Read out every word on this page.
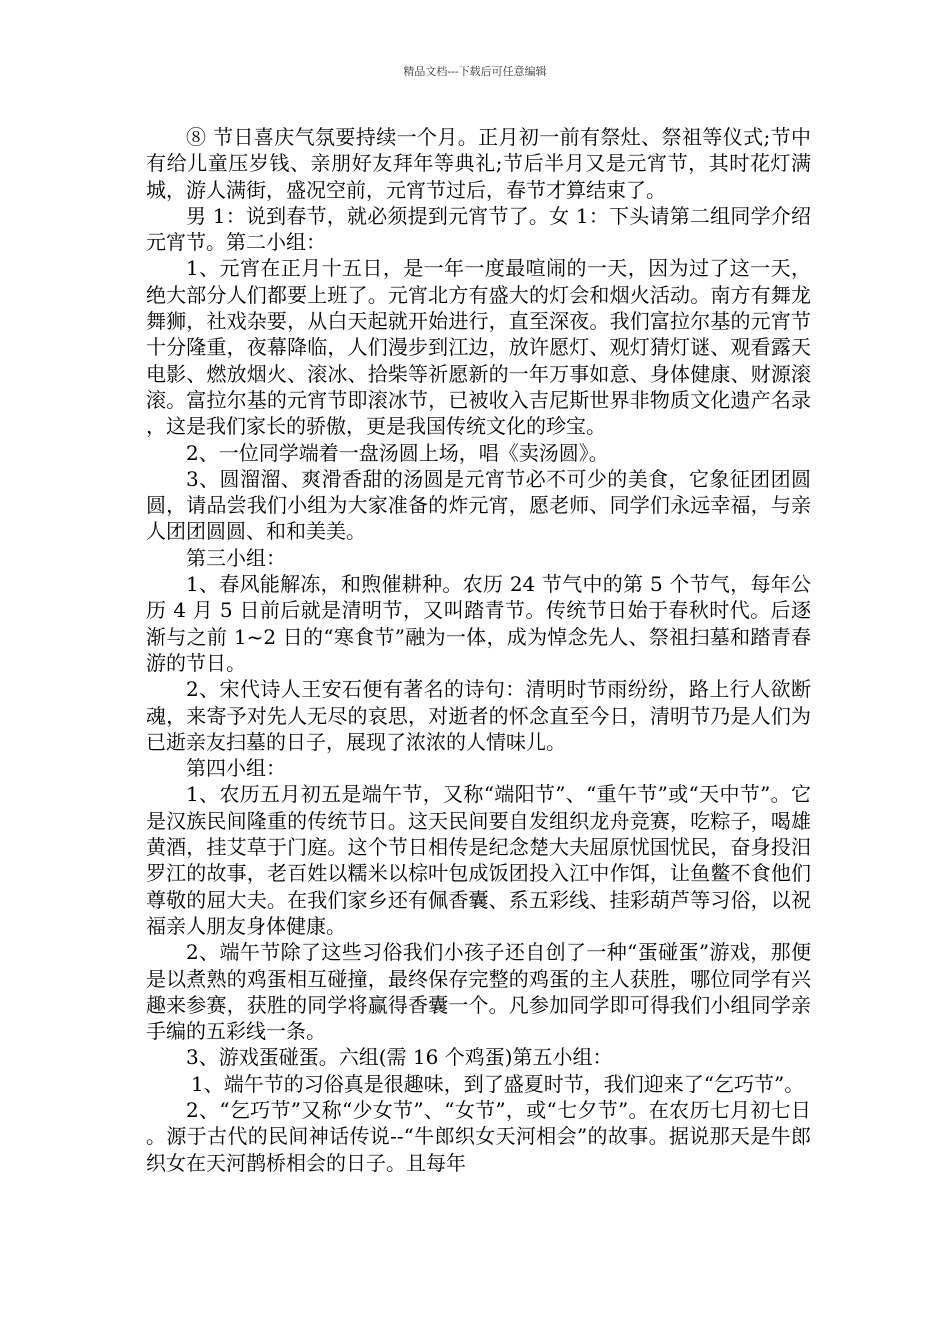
精品文档---下载后可任意编辑

⑧ 节日喜庆气氛要持续一个月。正月初一前有祭灶、祭祖等仪式;节中有给儿童压岁钱、亲朋好友拜年等典礼;节后半月又是元宵节，其时花灯满城，游人满街，盛况空前，元宵节过后，春节才算结束了。

男 1：说到春节，就必须提到元宵节了。女 1：下头请第二组同学介绍元宵节。第二小组：

1、元宵在正月十五日，是一年一度最喧闹的一天，因为过了这一天，绝大部分人们都要上班了。元宵北方有盛大的灯会和烟火活动。南方有舞龙舞狮，社戏杂要，从白天起就开始进行，直至深夜。我们富拉尔基的元宵节十分隆重，夜幕降临，人们漫步到江边，放许愿灯、观灯猜灯谜、观看露天电影、燃放烟火、滚冰、拾柴等祈愿新的一年万事如意、身体健康、财源滚滚。富拉尔基的元宵节即滚冰节，已被收入吉尼斯世界非物质文化遗产名录，这是我们家长的骄傲，更是我国传统文化的珍宝。

2、一位同学端着一盘汤圆上场，唱《卖汤圆》。

3、圆溜溜、爽滑香甜的汤圆是元宵节必不可少的美食，它象征团团圆圆，请品尝我们小组为大家准备的炸元宵，愿老师、同学们永远幸福，与亲人团团圆圆、和和美美。

第三小组：

1、春风能解冻，和煦催耕种。农历 24 节气中的第 5 个节气，每年公历 4 月 5 日前后就是清明节，又叫踏青节。传统节日始于春秋时代。后逐渐与之前 1~2 日的“寒食节”融为一体，成为悼念先人、祭祖扫墓和踏青春游的节日。

2、宋代诗人王安石便有著名的诗句：清明时节雨纷纷，路上行人欲断魂，来寄予对先人无尽的哀思，对逝者的怀念直至今日，清明节乃是人们为已逝亲友扫墓的日子，展现了浓浓的人情味儿。

第四小组：

1、农历五月初五是端午节，又称“端阳节”、“重午节”或“天中节”。它是汉族民间隆重的传统节日。这天民间要自发组织龙舟竞赛，吃粽子，喝雄黄酒，挂艾草于门庭。这个节日相传是纪念楚大夫屈原忧国忧民，奋身投汨罗江的故事，老百姓以糯米以棕叶包成饭团投入江中作饵，让鱼鳖不食他们尊敬的屈大夫。在我们家乡还有佩香囊、系五彩线、挂彩葫芦等习俗，以祝福亲人朋友身体健康。

2、端午节除了这些习俗我们小孩子还自创了一种“蛋碰蛋”游戏，那便是以煮熟的鸡蛋相互碰撞，最终保存完整的鸡蛋的主人获胜，哪位同学有兴趣来参赛，获胜的同学将赢得香囊一个。凡参加同学即可得我们小组同学亲手编的五彩线一条。

3、游戏蛋碰蛋。六组(需 16 个鸡蛋)第五小组：

1、端午节的习俗真是很趣味，到了盛夏时节，我们迎来了“乞巧节”。

2、“乞巧节”又称“少女节”、“女节”，或“七夕节”。在农历七月初七日。源于古代的民间神话传说--“牛郎织女天河相会”的故事。据说那天是牛郎织女在天河鹊桥相会的日子。且每年
